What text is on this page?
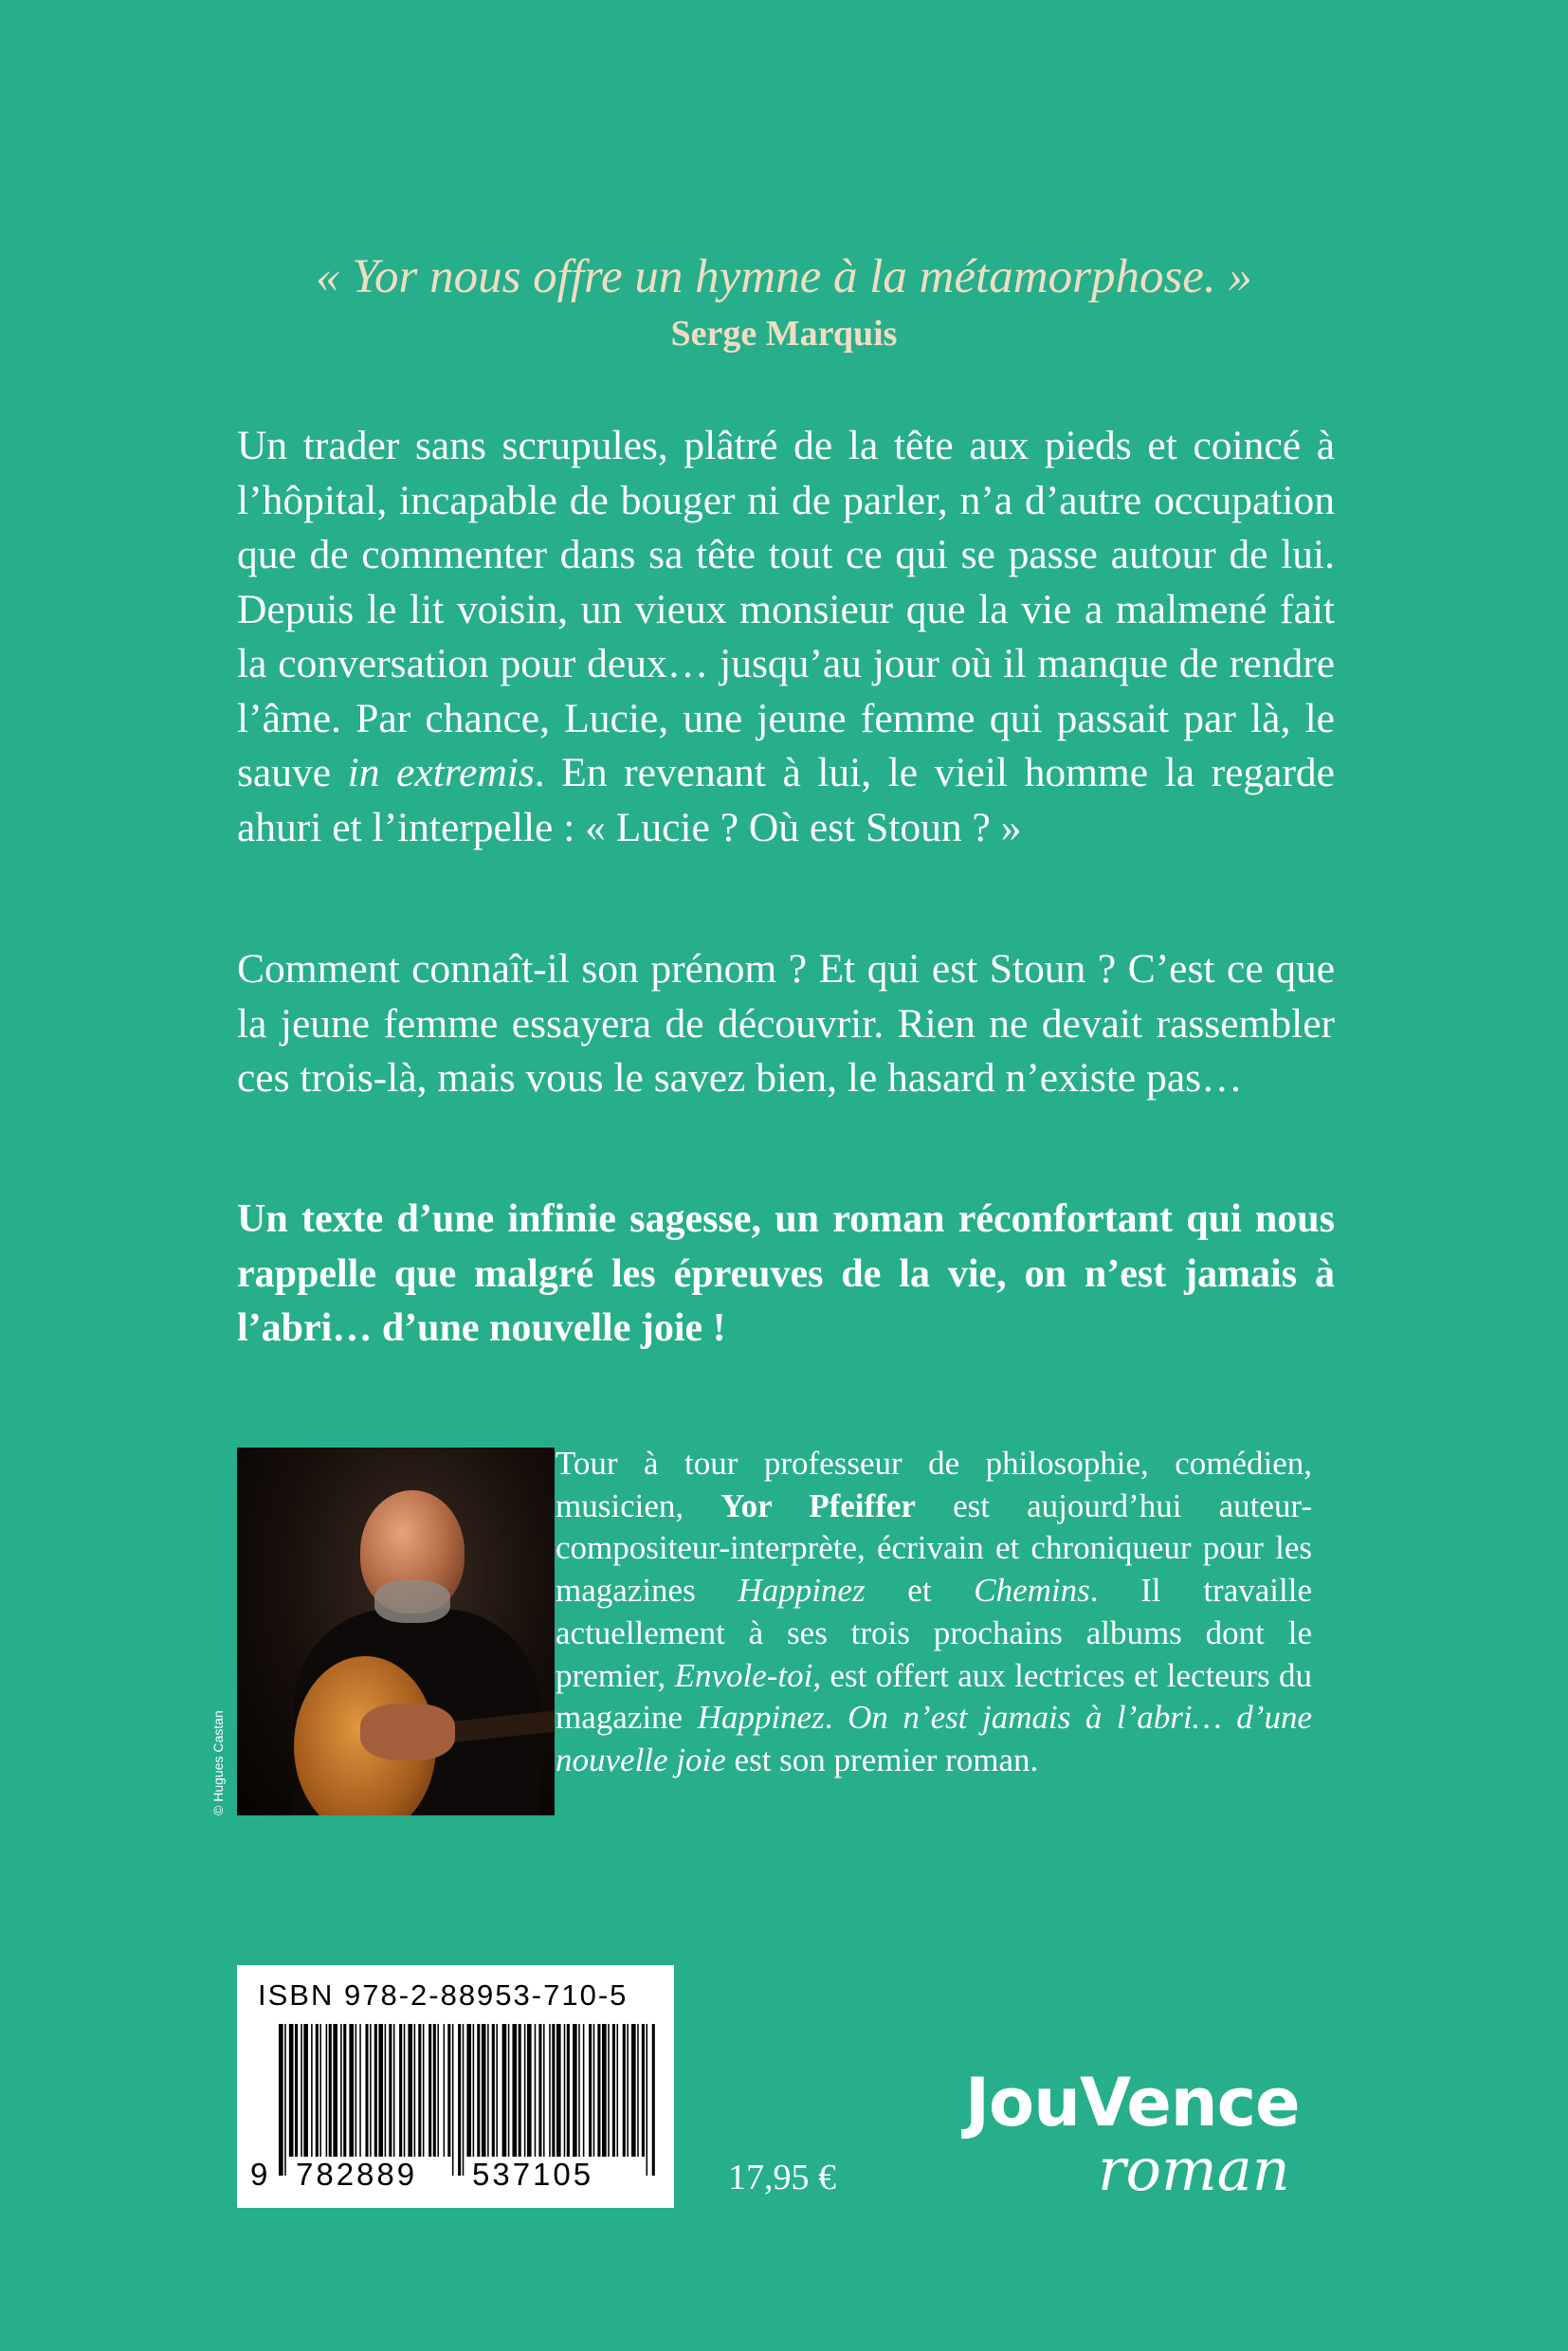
« Yor nous offre un hymne à la métamorphose. »
Serge Marquis

Un trader sans scrupules, plâtré de la tête aux pieds et coincé à l’hôpital, incapable de bouger ni de parler, n’a d’autre occupation que de commenter dans sa tête tout ce qui se passe autour de lui. Depuis le lit voisin, un vieux monsieur que la vie a malmené fait la conversation pour deux… jusqu’au jour où il manque de rendre l’âme. Par chance, Lucie, une jeune femme qui passait par là, le sauve in extremis. En revenant à lui, le vieil homme la regarde ahuri et l’interpelle : « Lucie ? Où est Stoun ? »

Comment connaît-il son prénom ? Et qui est Stoun ? C’est ce que la jeune femme essayera de découvrir. Rien ne devait rassembler ces trois-là, mais vous le savez bien, le hasard n’existe pas…

Un texte d’une infinie sagesse, un roman réconfortant qui nous rappelle que malgré les épreuves de la vie, on n’est jamais à l’abri… d’une nouvelle joie !

© Hugues Castan

Tour à tour professeur de philosophie, comédien, musicien, Yor Pfeiffer est aujourd’hui auteur-compositeur-interprète, écrivain et chroniqueur pour les magazines Happinez et Chemins. Il travaille actuellement à ses trois prochains albums dont le premier, Envole-toi, est offert aux lectrices et lecteurs du magazine Happinez. On n’est jamais à l’abri… d’une nouvelle joie est son premier roman.

ISBN 978-2-88953-710-5
9 782889 537105	17,95 €
JouVence
roman
